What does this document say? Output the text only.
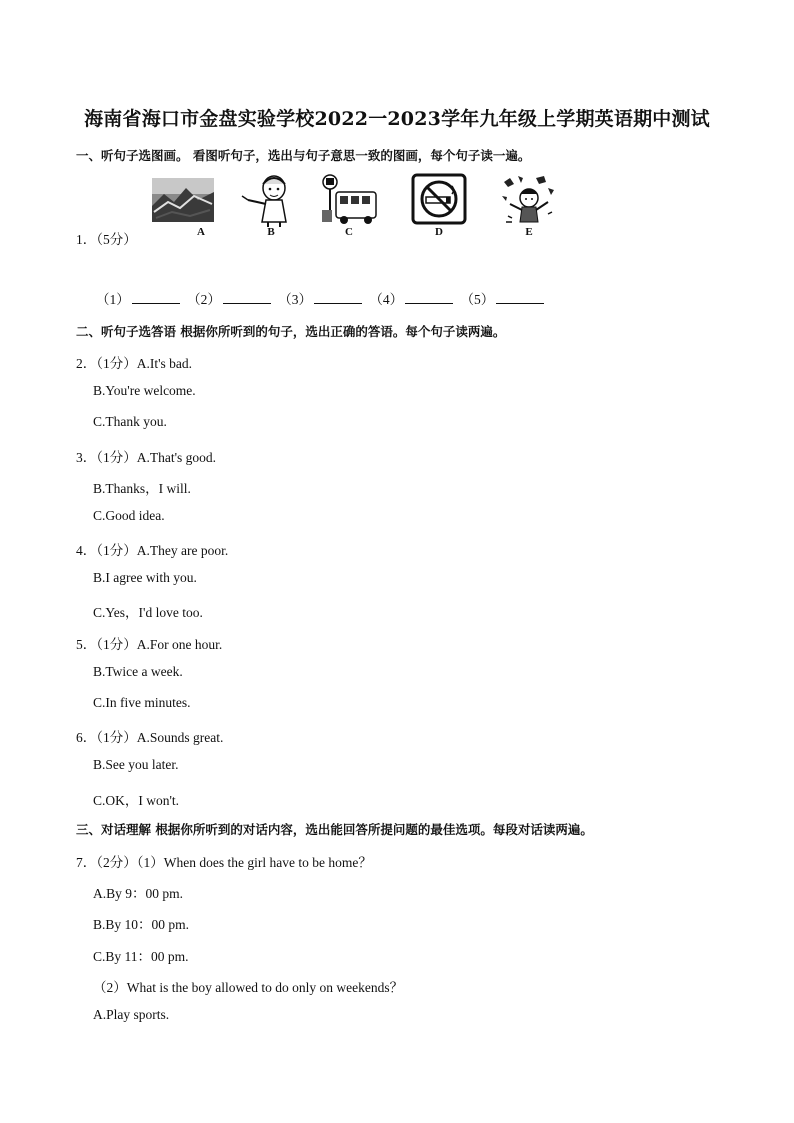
海南省海口市金盘实验学校2022一2023学年九年级上学期英语期中测试
一、听句子选图画。 看图听句子，选出与句子意思一致的图画，每个句子读一遍。
A	B	C	D	E
1．（5分）
（1）	（2）	（3）	（4）	（5）
二、听句子选答语 根据你所听到的句子，选出正确的答语。每个句子读两遍。
2．（1分）A.It's bad.
B.You're welcome.
C.Thank you.
3．（1分）A.That's good.
B.Thanks，I will.
C.Good idea.
4．（1分）A.They are poor.
B.I agree with you.
C.Yes，I'd love too.
5．（1分）A.For one hour.
B.Twice a week.
C.In five minutes.
6．（1分）A.Sounds great.
B.See you later.
C.OK，I won't.
三、对话理解 根据你所听到的对话内容，选出能回答所提问题的最佳选项。每段对话读两遍。
7．（2分）（1）When does the girl have to be home？
A.By 9：00 pm.
B.By 10：00 pm.
C.By 11：00 pm.
（2）What is the boy allowed to do only on weekends？
A.Play sports.
